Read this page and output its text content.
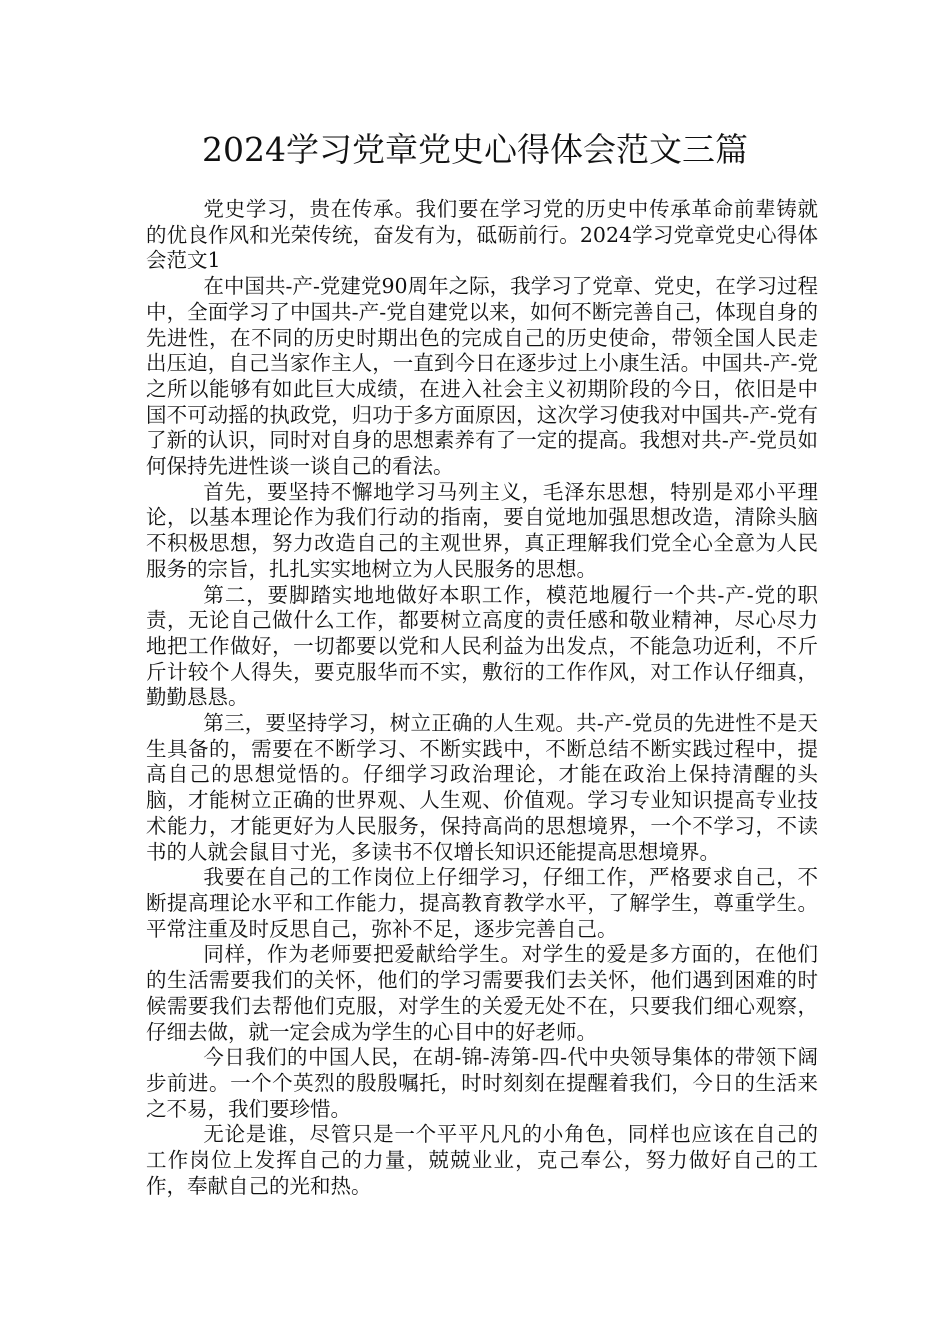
2024学习党章党史心得体会范文三篇

党史学习，贵在传承。我们要在学习党的历史中传承革命前辈铸就的优良作风和光荣传统，奋发有为，砥砺前行。2024学习党章党史心得体会范文1

在中国共-产-党建党90周年之际，我学习了党章、党史，在学习过程中，全面学习了中国共-产-党自建党以来，如何不断完善自己，体现自身的先进性，在不同的历史时期出色的完成自己的历史使命，带领全国人民走出压迫，自己当家作主人，一直到今日在逐步过上小康生活。中国共-产-党之所以能够有如此巨大成绩，在进入社会主义初期阶段的今日，依旧是中国不可动摇的执政党，归功于多方面原因，这次学习使我对中国共-产-党有了新的认识，同时对自身的思想素养有了一定的提高。我想对共-产-党员如何保持先进性谈一谈自己的看法。

首先，要坚持不懈地学习马列主义，毛泽东思想，特别是邓小平理论，以基本理论作为我们行动的指南，要自觉地加强思想改造，清除头脑不积极思想，努力改造自己的主观世界，真正理解我们党全心全意为人民服务的宗旨，扎扎实实地树立为人民服务的思想。

第二，要脚踏实地地做好本职工作，模范地履行一个共-产-党的职责，无论自己做什么工作，都要树立高度的责任感和敬业精神，尽心尽力地把工作做好，一切都要以党和人民利益为出发点，不能急功近利，不斤斤计较个人得失，要克服华而不实，敷衍的工作作风，对工作认仔细真，勤勤恳恳。

第三，要坚持学习，树立正确的人生观。共-产-党员的先进性不是天生具备的，需要在不断学习、不断实践中，不断总结不断实践过程中，提高自己的思想觉悟的。仔细学习政治理论，才能在政治上保持清醒的头脑，才能树立正确的世界观、人生观、价值观。学习专业知识提高专业技术能力，才能更好为人民服务，保持高尚的思想境界，一个不学习，不读书的人就会鼠目寸光，多读书不仅增长知识还能提高思想境界。

我要在自己的工作岗位上仔细学习，仔细工作，严格要求自己，不断提高理论水平和工作能力，提高教育教学水平，了解学生，尊重学生。平常注重及时反思自己，弥补不足，逐步完善自己。

同样，作为老师要把爱献给学生。对学生的爱是多方面的，在他们的生活需要我们的关怀，他们的学习需要我们去关怀，他们遇到困难的时候需要我们去帮他们克服，对学生的关爱无处不在，只要我们细心观察，仔细去做，就一定会成为学生的心目中的好老师。

今日我们的中国人民，在胡-锦-涛第-四-代中央领导集体的带领下阔步前进。一个个英烈的殷殷嘱托，时时刻刻在提醒着我们，今日的生活来之不易，我们要珍惜。

无论是谁，尽管只是一个平平凡凡的小角色，同样也应该在自己的工作岗位上发挥自己的力量，兢兢业业，克己奉公，努力做好自己的工作，奉献自己的光和热。
